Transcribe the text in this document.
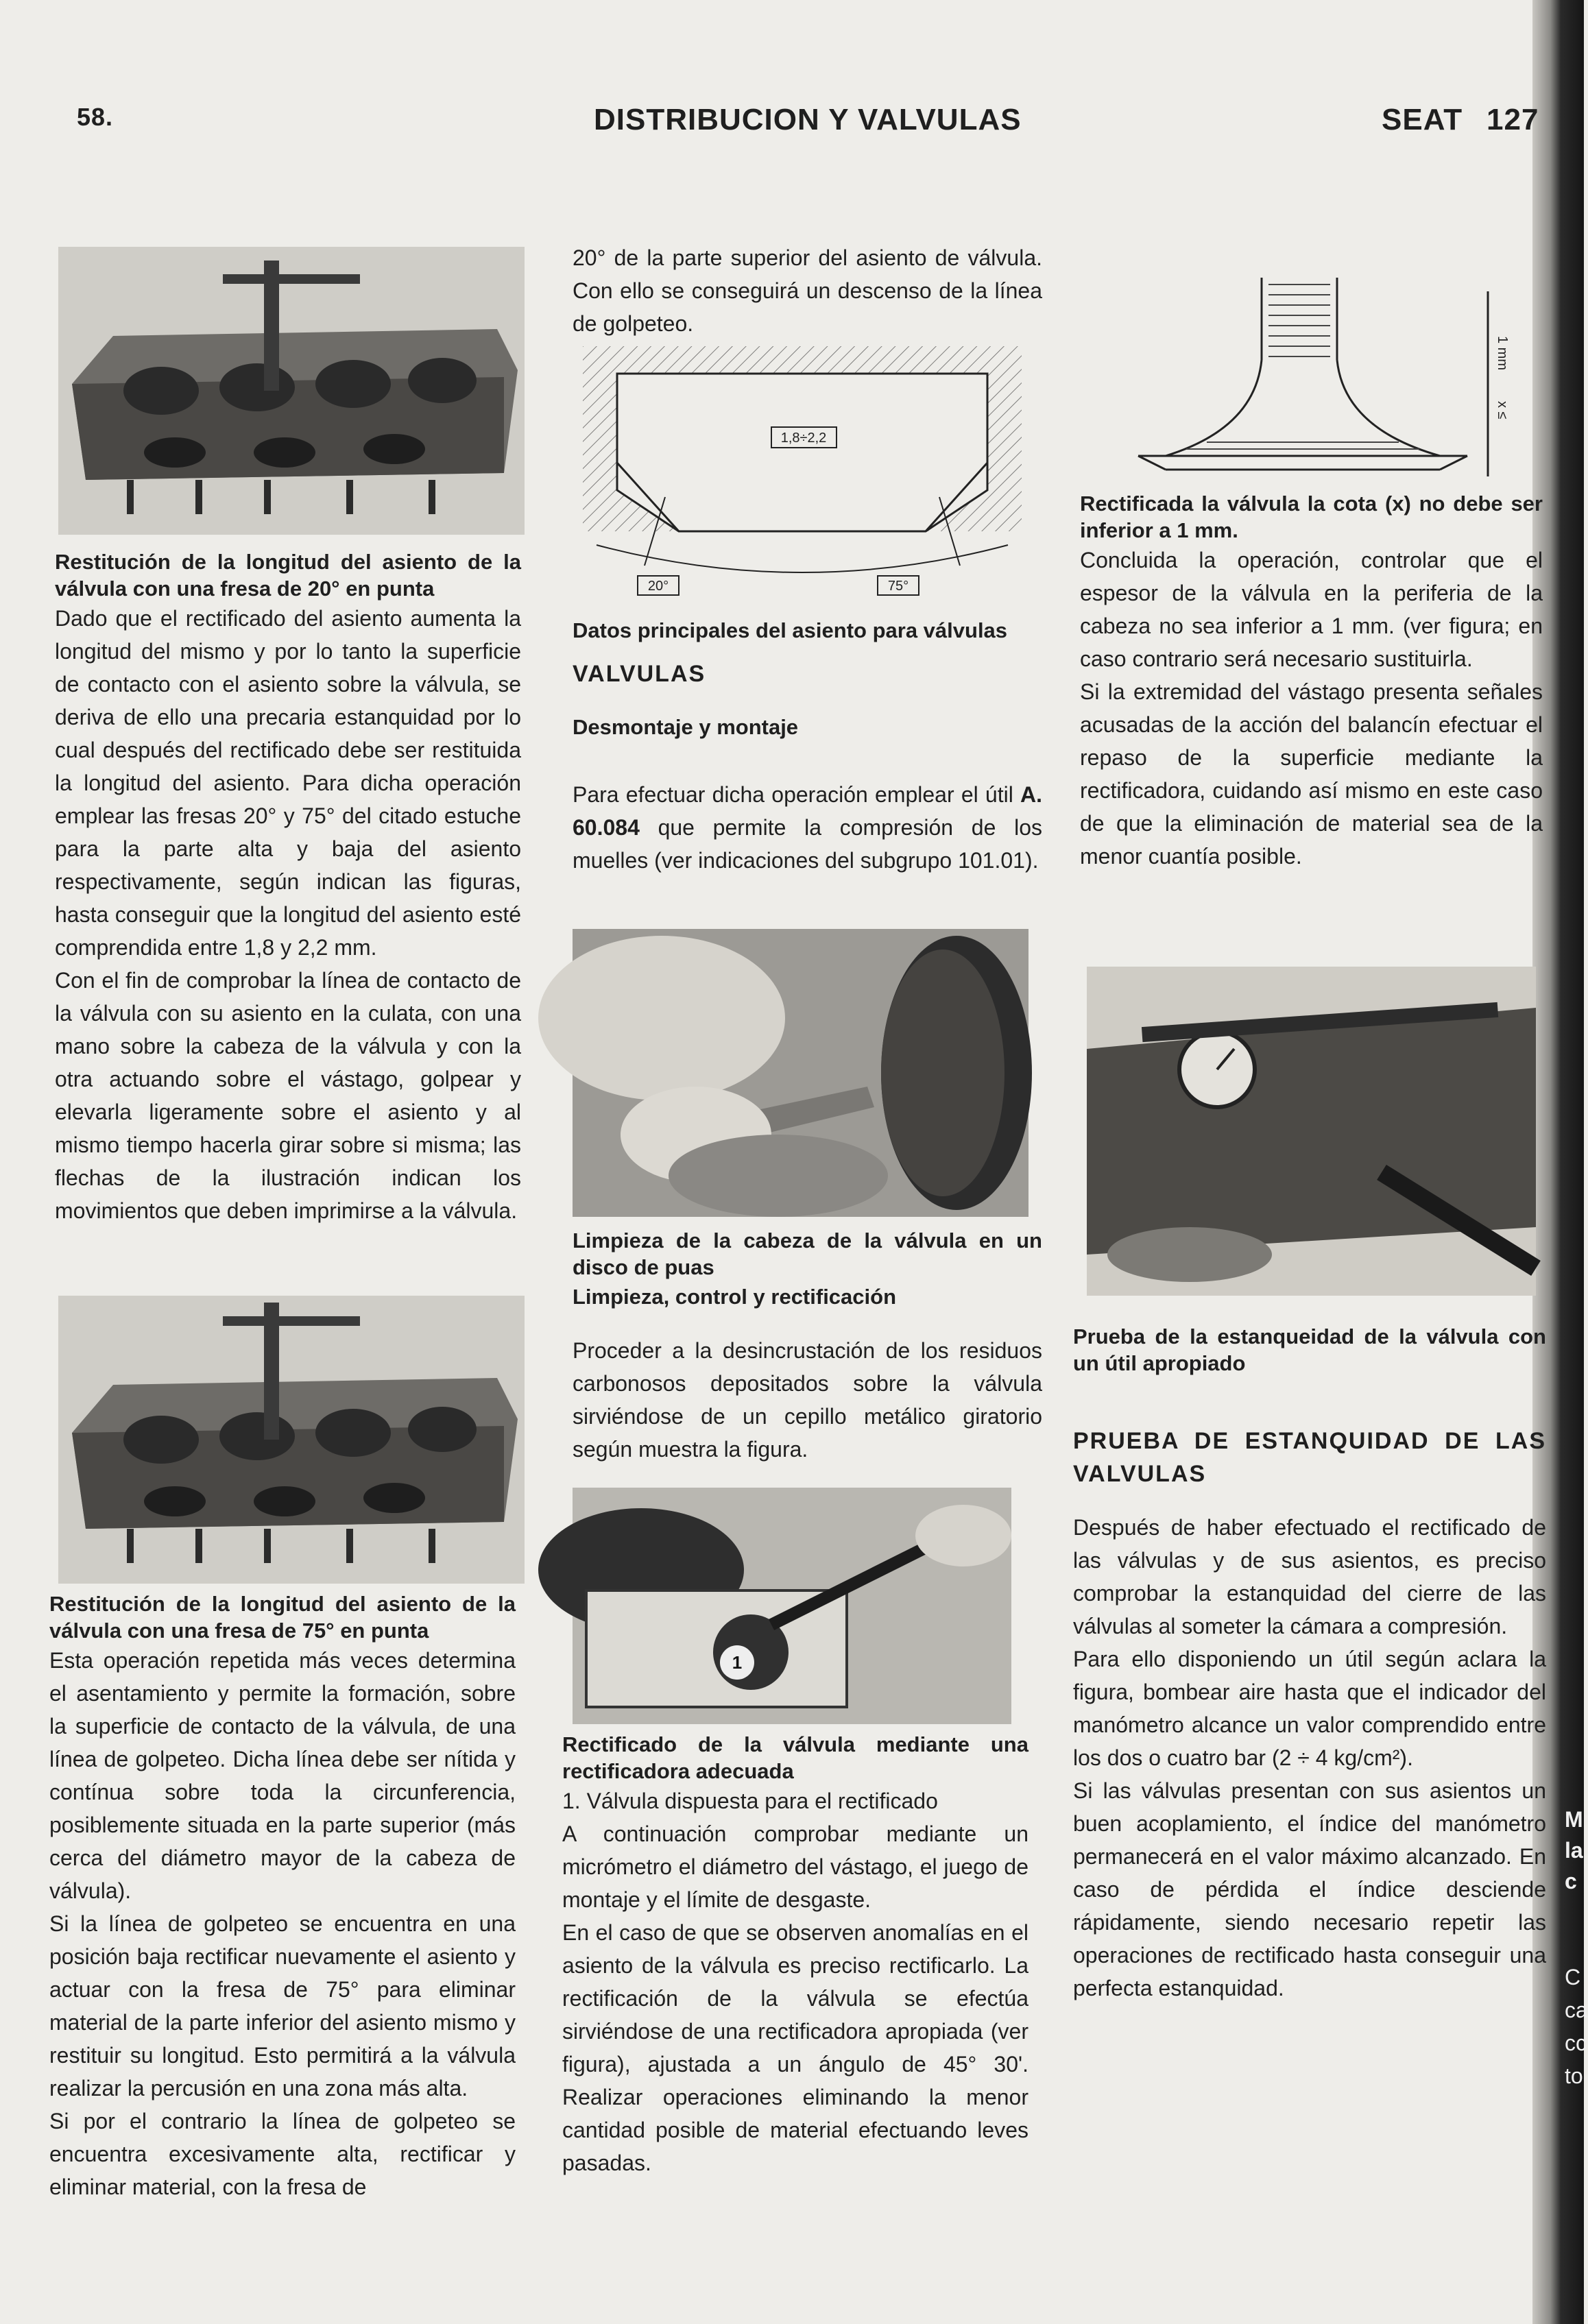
58.	DISTRIBUCION Y VALVULAS	SEAT 127

Restitución de la longitud del asiento de la válvula con una fresa de 20° en punta

Dado que el rectificado del asiento aumenta la longitud del mismo y por lo tanto la superficie de contacto con el asiento sobre la válvula, se deriva de ello una precaria estanquidad por lo cual después del rectificado debe ser restituida la longitud del asiento. Para dicha operación emplear las fresas 20° y 75° del citado estuche para la parte alta y baja del asiento respectivamente, según indican las figuras, hasta conseguir que la longitud del asiento esté comprendida entre 1,8 y 2,2 mm.

Con el fin de comprobar la línea de contacto de la válvula con su asiento en la culata, con una mano sobre la cabeza de la válvula y con la otra actuando sobre el vástago, golpear y elevarla ligeramente sobre el asiento y al mismo tiempo hacerla girar sobre si misma; las flechas de la ilustración indican los movimientos que deben imprimirse a la válvula.

Restitución de la longitud del asiento de la válvula con una fresa de 75° en punta

Esta operación repetida más veces determina el asentamiento y permite la formación, sobre la superficie de contacto de la válvula, de una línea de golpeteo. Dicha línea debe ser nítida y contínua sobre toda la circunferencia, posiblemente situada en la parte superior (más cerca del diámetro mayor de la cabeza de válvula).

Si la línea de golpeteo se encuentra en una posición baja rectificar nuevamente el asiento y actuar con la fresa de 75° para eliminar material de la parte inferior del asiento mismo y restituir su longitud. Esto permitirá a la válvula realizar la percusión en una zona más alta.

Si por el contrario la línea de golpeteo se encuentra excesivamente alta, rectificar y eliminar material, con la fresa de

20° de la parte superior del asiento de válvula. Con ello se conseguirá un descenso de la línea de golpeteo.

1,8÷2,2
20°	75°

Datos principales del asiento para válvulas

VALVULAS

Desmontaje y montaje

Para efectuar dicha operación emplear el útil A. 60.084 que permite la compresión de los muelles (ver indicaciones del subgrupo 101.01).

Limpieza de la cabeza de la válvula en un disco de puas

Limpieza, control y rectificación

Proceder a la desincrustación de los residuos carbonosos depositados sobre la válvula sirviéndose de un cepillo metálico giratorio según muestra la figura.

1

Rectificado de la válvula mediante una rectificadora adecuada

1. Válvula dispuesta para el rectificado

A continuación comprobar mediante un micrómetro el diámetro del vástago, el juego de montaje y el límite de desgaste.

En el caso de que se observen anomalías en el asiento de la válvula es preciso rectificarlo. La rectificación de la válvula se efectúa sirviéndose de una rectificadora apropiada (ver figura), ajustada a un ángulo de 45° 30'. Realizar operaciones eliminando la menor cantidad posible de material efectuando leves pasadas.

1 mm
x ≤

Rectificada la válvula la cota (x) no debe ser inferior a 1 mm.

Concluida la operación, controlar que el espesor de la válvula en la periferia de la cabeza no sea inferior a 1 mm. (ver figura; en caso contrario será necesario sustituirla.

Si la extremidad del vástago presenta señales acusadas de la acción del balancín efectuar el repaso de la superficie mediante la rectificadora, cuidando así mismo en este caso de que la eliminación de material sea de la menor cuantía posible.

Prueba de la estanqueidad de la válvula con un útil apropiado

PRUEBA DE ESTANQUIDAD DE LAS VALVULAS

Después de haber efectuado el rectificado de las válvulas y de sus asientos, es preciso comprobar la estanquidad del cierre de las válvulas al someter la cámara a compresión.

Para ello disponiendo un útil según aclara la figura, bombear aire hasta que el indicador del manómetro alcance un valor comprendido entre los dos o cuatro bar (2 ÷ 4 kg/cm²).

Si las válvulas presentan con sus asientos un buen acoplamiento, el índice del manómetro permanecerá en el valor máximo alcanzado. En caso de pérdida el índice desciende rápidamente, siendo necesario repetir las operaciones de rectificado hasta conseguir una perfecta estanquidad.

M
la
c
C
ca
cc
to
